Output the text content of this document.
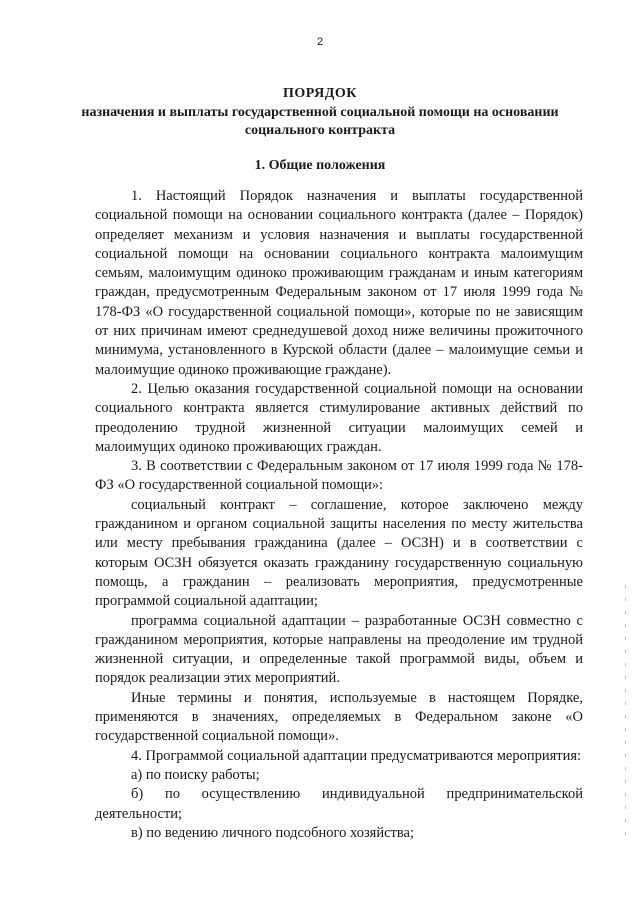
2
ПОРЯДОК
назначения и выплаты государственной социальной помощи на основании социального контракта
1. Общие положения

1. Настоящий Порядок назначения и выплаты государственной социальной помощи на основании социального контракта (далее – Порядок) определяет механизм и условия назначения и выплаты государственной социальной помощи на основании социального контракта малоимущим семьям, малоимущим одиноко проживающим гражданам и иным категориям граждан, предусмотренным Федеральным законом от 17 июля 1999 года № 178-ФЗ «О государственной социальной помощи», которые по не зависящим от них причинам имеют среднедушевой доход ниже величины прожиточного минимума, установленного в Курской области (далее – малоимущие семьи и малоимущие одиноко проживающие граждане).

2. Целью оказания государственной социальной помощи на основании социального контракта является стимулирование активных действий по преодолению трудной жизненной ситуации малоимущих семей и малоимущих одиноко проживающих граждан.

3. В соответствии с Федеральным законом от 17 июля 1999 года № 178-ФЗ «О государственной социальной помощи»:

социальный контракт – соглашение, которое заключено между гражданином и органом социальной защиты населения по месту жительства или месту пребывания гражданина (далее – ОСЗН) и в соответствии с которым ОСЗН обязуется оказать гражданину государственную социальную помощь, а гражданин – реализовать мероприятия, предусмотренные программой социальной адаптации;

программа социальной адаптации – разработанные ОСЗН совместно с гражданином мероприятия, которые направлены на преодоление им трудной жизненной ситуации, и определенные такой программой виды, объем и порядок реализации этих мероприятий.

Иные термины и понятия, используемые в настоящем Порядке, применяются в значениях, определяемых в Федеральном законе «О государственной социальной помощи».

4. Программой социальной адаптации предусматриваются мероприятия:

а) по поиску работы;

б) по осуществлению индивидуальной предпринимательской деятельности;

в) по ведению личного подсобного хозяйства;
